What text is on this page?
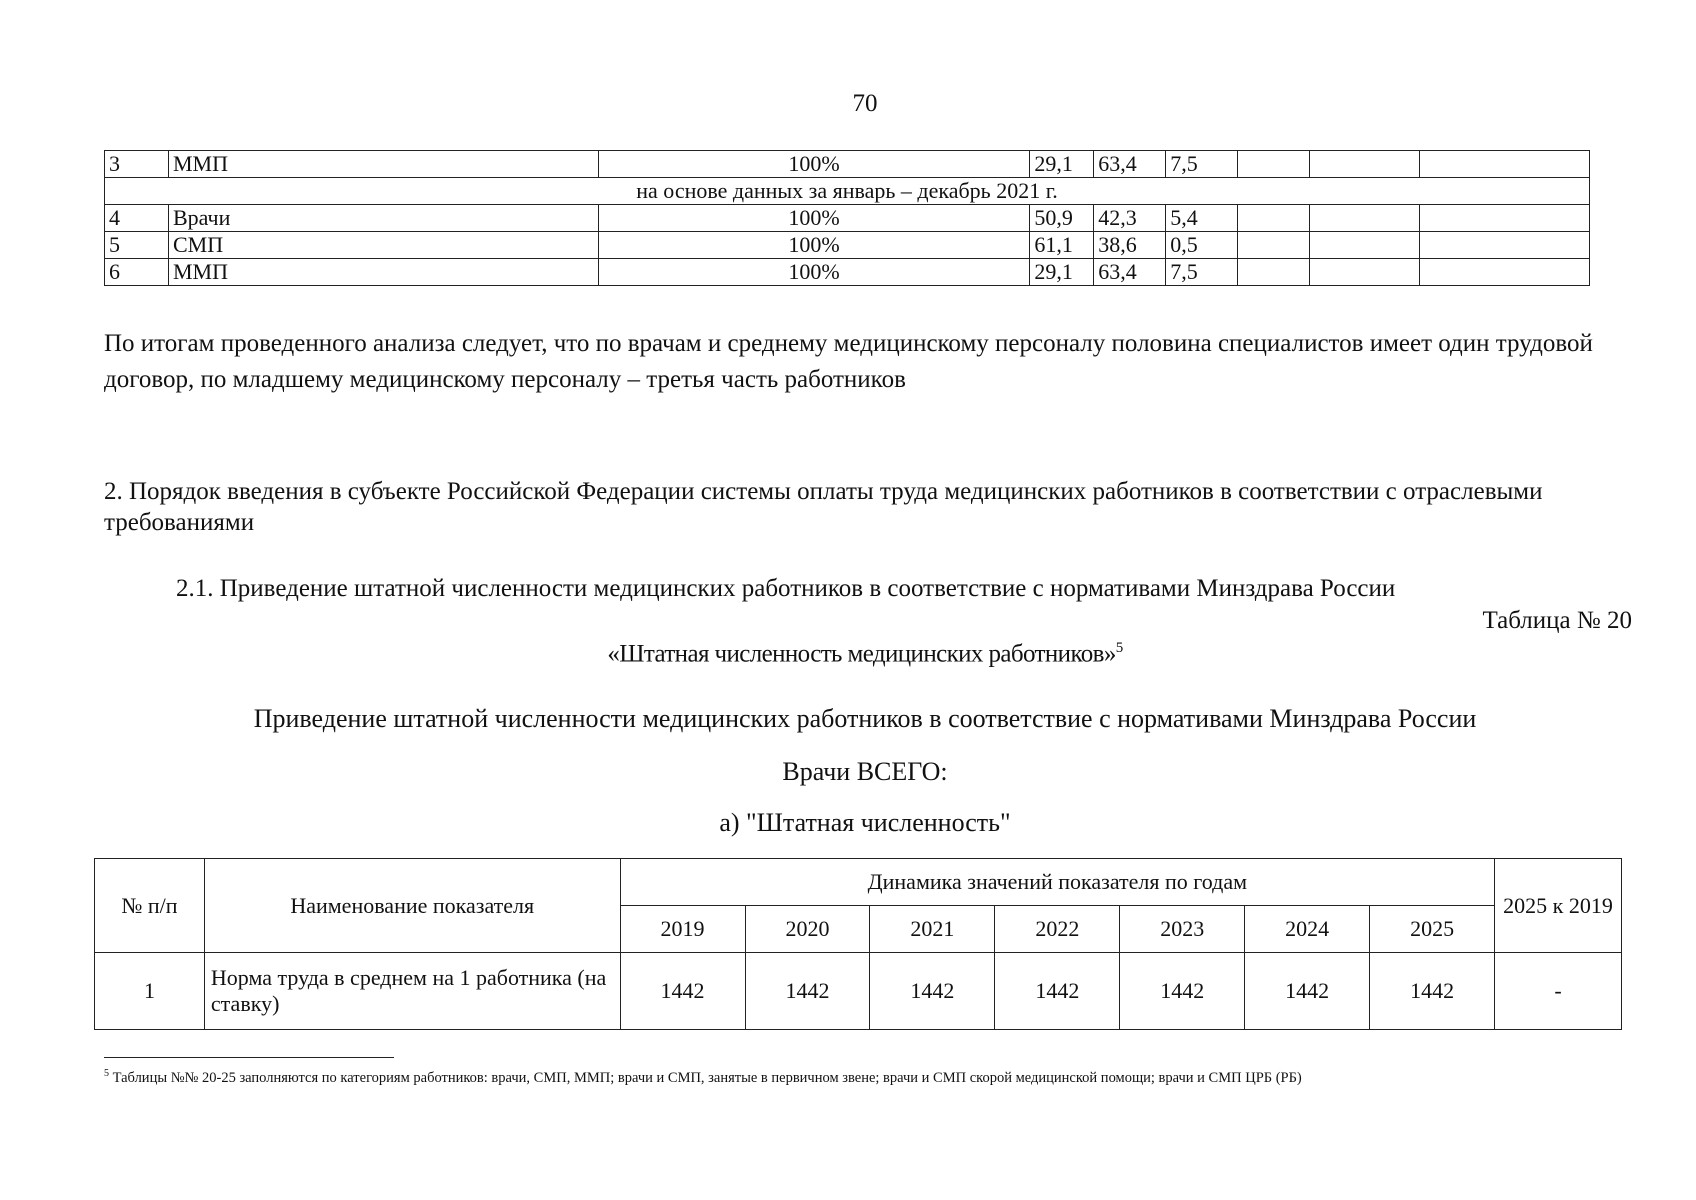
70
3	ММП	100%	29,1	63,4	7,5			
на основе данных за январь – декабрь 2021 г.								
4	Врачи	100%	50,9	42,3	5,4			
5	СМП	100%	61,1	38,6	0,5			
6	ММП	100%	29,1	63,4	7,5			
По итогам проведенного анализа следует, что по врачам и среднему медицинскому персоналу половина специалистов имеет один трудовой договор, по младшему медицинскому персоналу – третья часть работников
2. Порядок введения в субъекте Российской Федерации системы оплаты труда медицинских работников в соответствии с отраслевыми требованиями
2.1. Приведение штатной численности медицинских работников в соответствие с нормативами Минздрава России
Таблица № 20
«Штатная численность медицинских работников»$^5$
Приведение штатной численности медицинских работников в соответствие с нормативами Минздрава России
Врачи ВСЕГО:
а) "Штатная численность"
№ п/п	Наименование показателя	Динамика значений показателя по годам							2025 к 2019
		2019	2020	2021	2022	2023	2024	2025	
1	Норма труда в среднем на 1 работника (на ставку)	1442	1442	1442	1442	1442	1442	1442	-
$^5$ Таблицы №№ 20-25 заполняются по категориям работников: врачи, СМП, ММП; врачи и СМП, занятые в первичном звене; врачи и СМП скорой медицинской помощи; врачи и СМП ЦРБ (РБ)
